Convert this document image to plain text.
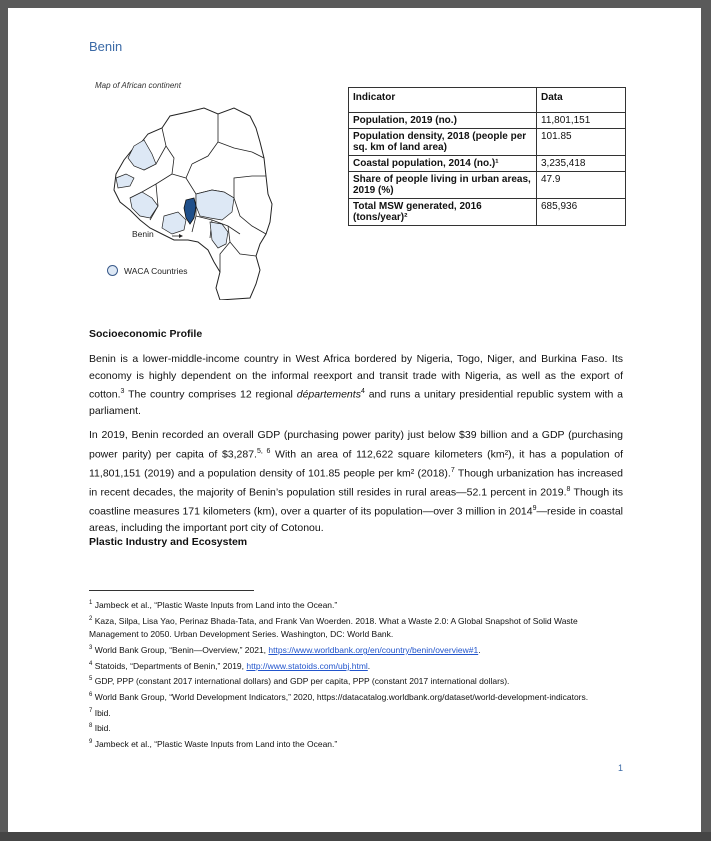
Benin
Map of African continent
Benin
WACA Countries
Indicator	Data
Population, 2019 (no.)	11,801,151
Population density, 2018 (people per sq. km of land area)	101.85
Coastal population, 2014 (no.)¹	3,235,418
Share of people living in urban areas, 2019 (%)	47.9
Total MSW generated, 2016 (tons/year)²	685,936
Socioeconomic Profile
Benin is a lower-middle-income country in West Africa bordered by Nigeria, Togo, Niger, and Burkina Faso. Its economy is highly dependent on the informal reexport and transit trade with Nigeria, as well as the export of cotton.$^3$ The country comprises 12 regional départements$^4$ and runs a unitary presidential republic system with a parliament.
In 2019, Benin recorded an overall GDP (purchasing power parity) just below $39 billion and a GDP (purchasing power parity) per capita of $3,287.$^{5, 6}$ With an area of 112,622 square kilometers (km²), it has a population of 11,801,151 (2019) and a population density of 101.85 people per km² (2018).$^7$ Though urbanization has increased in recent decades, the majority of Benin’s population still resides in rural areas—52.1 percent in 2019.$^8$ Though its coastline measures 171 kilometers (km), over a quarter of its population—over 3 million in 2014$^9$—reside in coastal areas, including the important port city of Cotonou.
Plastic Industry and Ecosystem
$^1$ Jambeck et al., “Plastic Waste Inputs from Land into the Ocean.”
$^2$ Kaza, Silpa, Lisa Yao, Perinaz Bhada-Tata, and Frank Van Woerden. 2018. What a Waste 2.0: A Global Snapshot of Solid Waste Management to 2050. Urban Development Series. Washington, DC: World Bank.
$^3$ World Bank Group, “Benin—Overview,” 2021, https://www.worldbank.org/en/country/benin/overview#1.
$^4$ Statoids, “Departments of Benin,” 2019, http://www.statoids.com/ubj.html.
$^5$ GDP, PPP (constant 2017 international dollars) and GDP per capita, PPP (constant 2017 international dollars).
$^6$ World Bank Group, “World Development Indicators,” 2020, https://datacatalog.worldbank.org/dataset/world-development-indicators.
$^7$ Ibid.
$^8$ Ibid.
$^9$ Jambeck et al., “Plastic Waste Inputs from Land into the Ocean.”
1
